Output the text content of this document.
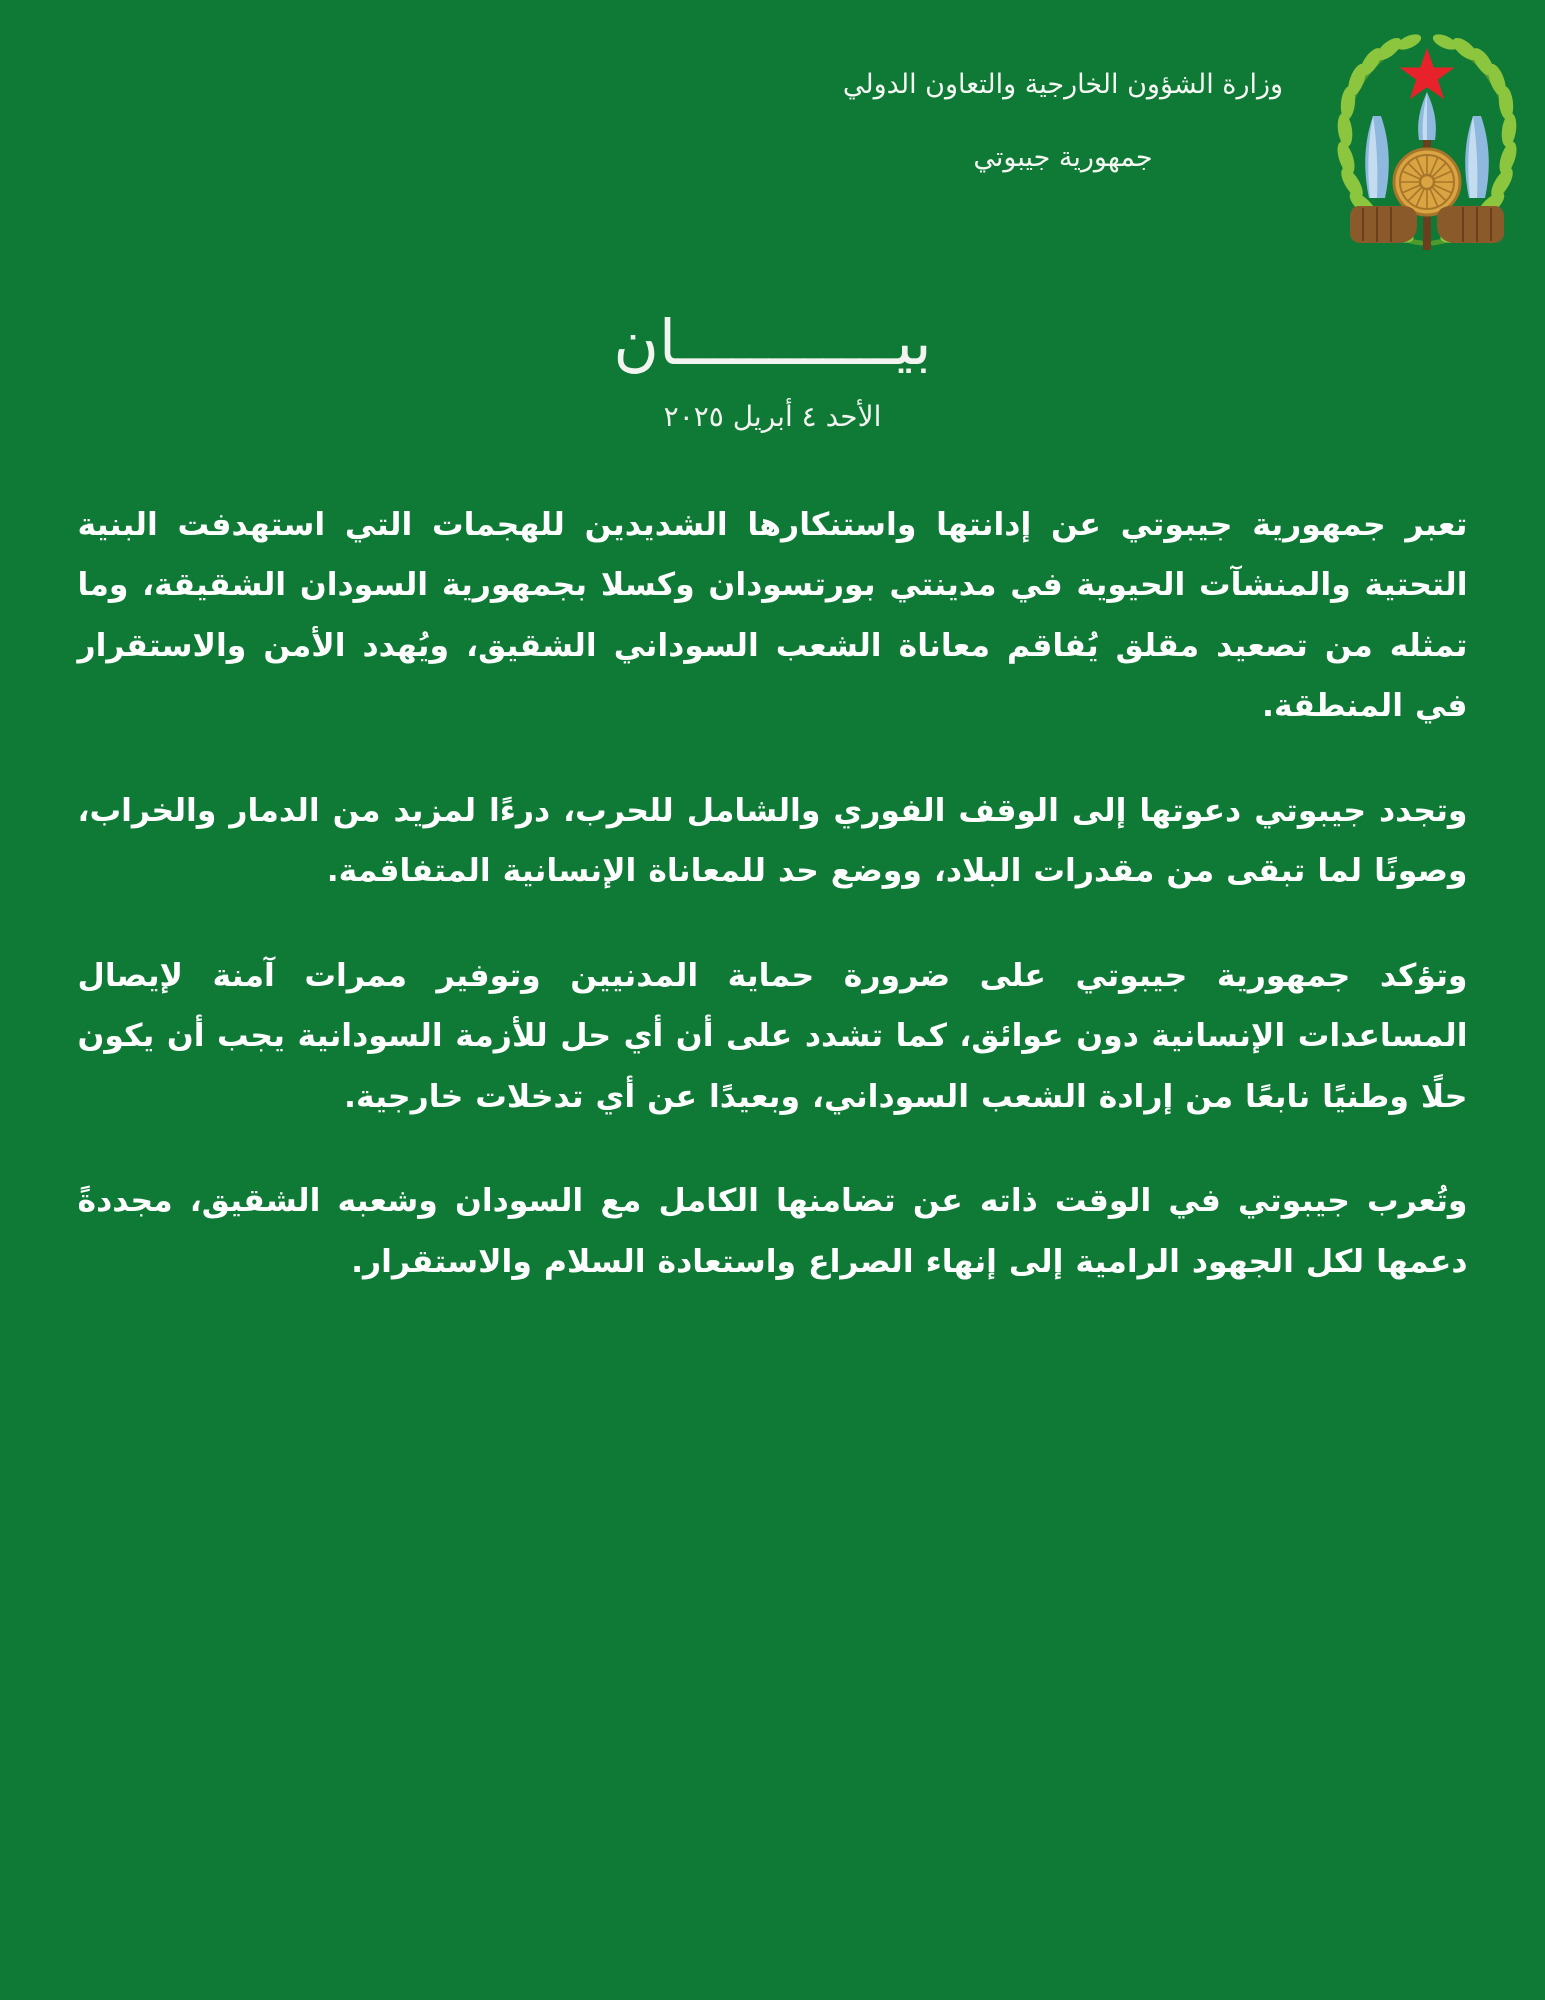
وزارة الشؤون الخارجية والتعاون الدولي
جمهورية جيبوتي
بيــــــــــــان
الأحد ٤ أبريل ٢٠٢٥

تعبر جمهورية جيبوتي عن إدانتها واستنكارها الشديدين للهجمات التي استهدفت البنية التحتية والمنشآت الحيوية في مدينتي بورتسودان وكسلا بجمهورية السودان الشقيقة، وما تمثله من تصعيد مقلق يُفاقم معاناة الشعب السوداني الشقيق، ويُهدد الأمن والاستقرار في المنطقة.

وتجدد جيبوتي دعوتها إلى الوقف الفوري والشامل للحرب، درءًا لمزيد من الدمار والخراب، وصونًا لما تبقى من مقدرات البلاد، ووضع حد للمعاناة الإنسانية المتفاقمة.

وتؤكد جمهورية جيبوتي على ضرورة حماية المدنيين وتوفير ممرات آمنة لإيصال المساعدات الإنسانية دون عوائق، كما تشدد على أن أي حل للأزمة السودانية يجب أن يكون حلًا وطنيًا نابعًا من إرادة الشعب السوداني، وبعيدًا عن أي تدخلات خارجية.

وتُعرب جيبوتي في الوقت ذاته عن تضامنها الكامل مع السودان وشعبه الشقيق، مجددةً دعمها لكل الجهود الرامية إلى إنهاء الصراع واستعادة السلام والاستقرار.
